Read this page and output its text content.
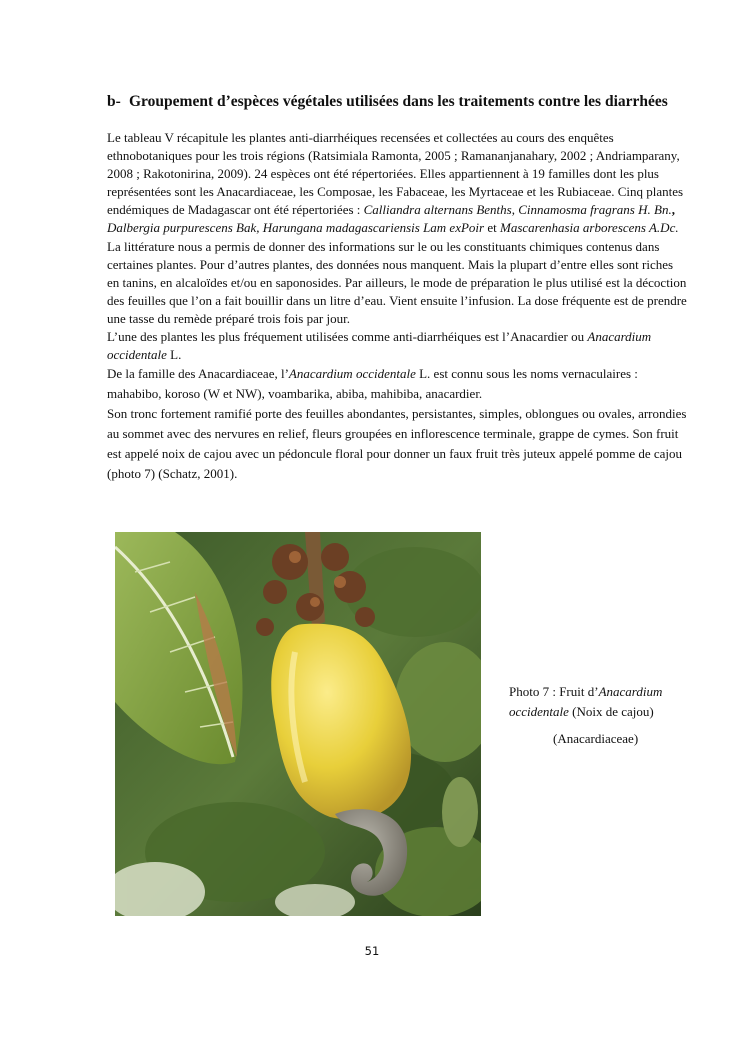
b- Groupement d’espèces végétales utilisées dans les traitements contre les diarrhées

Le tableau V récapitule les plantes anti-diarrhéiques recensées et collectées au cours des enquêtes ethnobotaniques pour les trois régions (Ratsimiala Ramonta, 2005 ; Ramananjanahary, 2002 ; Andriamparany, 2008 ; Rakotonirina, 2009). 24 espèces ont été répertoriées. Elles appartiennent à 19 familles dont les plus représentées sont les Anacardiaceae, les Composae, les Fabaceae, les Myrtaceae et les Rubiaceae. Cinq plantes endémiques de Madagascar ont été répertoriées : Calliandra alternans Benths, Cinnamosma fragrans H. Bn., Dalbergia purpurescens Bak, Harungana madagascariensis Lam exPoir et Mascarenhasia arborescens A.Dc. La littérature nous a permis de donner des informations sur le ou les constituants chimiques contenus dans certaines plantes. Pour d’autres plantes, des données nous manquent. Mais la plupart d’entre elles sont riches en tanins, en alcaloïdes et/ou en saponosides. Par ailleurs, le mode de préparation le plus utilisé est la décoction des feuilles que l’on a fait bouillir dans un litre d’eau. Vient ensuite l’infusion. La dose fréquente est de prendre une tasse du remède préparé trois fois par jour.

L’une des plantes les plus fréquement utilisées comme anti-diarrhéiques est l’Anacardier ou Anacardium occidentale L.

De la famille des Anacardiaceae, l’Anacardium occidentale L. est connu sous les noms vernaculaires : mahabibo, koroso (W et NW), voambarika, abiba, mahibiba, anacardier.

Son tronc fortement ramifié porte des feuilles abondantes, persistantes, simples, oblongues ou ovales, arrondies au sommet avec des nervures en relief, fleurs groupées en inflorescence terminale, grappe de cymes. Son fruit est appelé noix de cajou avec un pédoncule floral pour donner un faux fruit très juteux appelé pomme de cajou (photo 7) (Schatz, 2001).

Photo 7 : Fruit d’Anacardium occidentale (Noix de cajou)

(Anacardiaceae)

51
